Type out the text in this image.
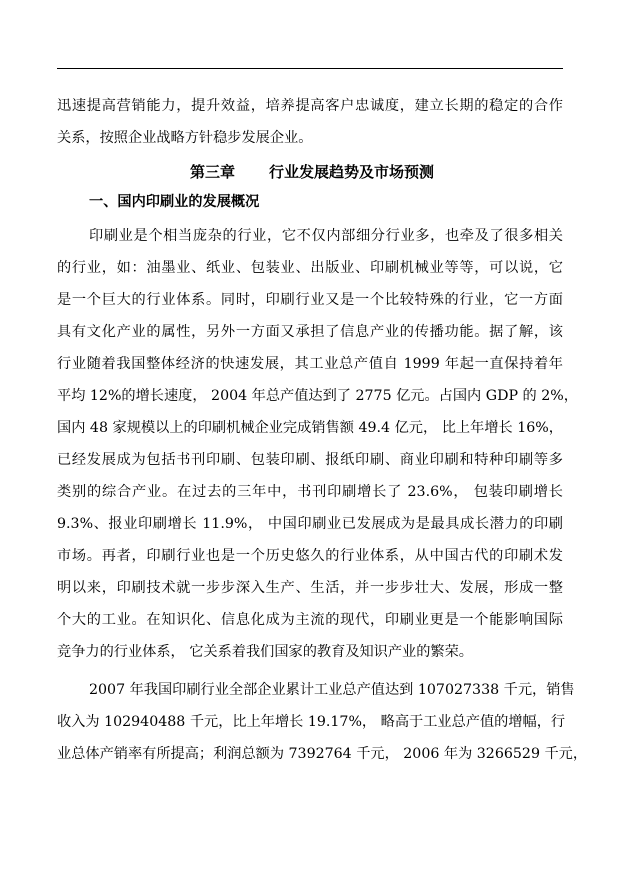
迅速提高营销能力，提升效益，培养提高客户忠诚度，建立长期的稳定的合作
关系，按照企业战略方针稳步发展企业。
第三章 行业发展趋势及市场预测
一、国内印刷业的发展概况
印刷业是个相当庞杂的行业，它不仅内部细分行业多，也牵及了很多相关
的行业，如：油墨业、纸业、包装业、出版业、印刷机械业等等，可以说，它
是一个巨大的行业体系。同时，印刷行业又是一个比较特殊的行业，它一方面
具有文化产业的属性，另外一方面又承担了信息产业的传播功能。据了解，该
行业随着我国整体经济的快速发展，其工业总产值自 1999 年起一直保持着年
平均 12%的增长速度， 2004 年总产值达到了 2775 亿元。占国内 GDP 的 2%，
国内 48 家规模以上的印刷机械企业完成销售额 49.4 亿元， 比上年增长 16%，
已经发展成为包括书刊印刷、包装印刷、报纸印刷、商业印刷和特种印刷等多
类别的综合产业。在过去的三年中，书刊印刷增长了 23.6%， 包装印刷增长
9.3%、报业印刷增长 11.9%， 中国印刷业已发展成为是最具成长潜力的印刷
市场。再者，印刷行业也是一个历史悠久的行业体系，从中国古代的印刷术发
明以来，印刷技术就一步步深入生产、生活，并一步步壮大、发展，形成一整
个大的工业。在知识化、信息化成为主流的现代，印刷业更是一个能影响国际
竞争力的行业体系， 它关系着我们国家的教育及知识产业的繁荣。
2007 年我国印刷行业全部企业累计工业总产值达到 107027338 千元，销售
收入为 102940488 千元，比上年增长 19.17%， 略高于工业总产值的增幅，行
业总体产销率有所提高；利润总额为 7392764 千元， 2006 年为 3266529 千元，
